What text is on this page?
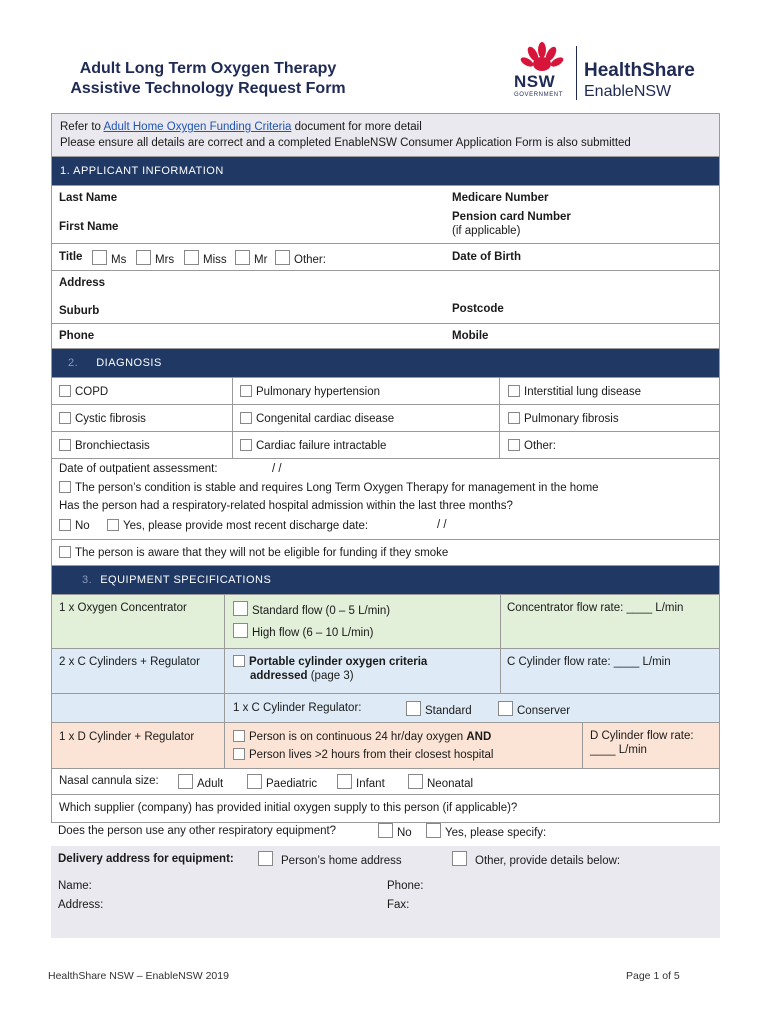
Adult Long Term Oxygen Therapy
Assistive Technology Request Form	NSW
GOVERNMENT
HealthShare
EnableNSW
Refer to Adult Home Oxygen Funding Criteria document for more detail
Please ensure all details are correct and a completed EnableNSW Consumer Application Form is also submitted
1. APPLICANT INFORMATION
Last Name	Medicare Number
First Name
Pension card Number
(if applicable)
Title	Ms	Mrs	Miss	Mr	Other:	Date of Birth
Address
Suburb	Postcode
Phone	Mobile
2. DIAGNOSIS
COPD	Pulmonary hypertension	Interstitial lung disease
Cystic fibrosis	Congenital cardiac disease	Pulmonary fibrosis
Bronchiectasis	Cardiac failure intractable	Other:
Date of outpatient assessment:	/ /
The person’s condition is stable and requires Long Term Oxygen Therapy for management in the home
Has the person had a respiratory-related hospital admission within the last three months?
No	Yes, please provide most recent discharge date:	/ /
The person is aware that they will not be eligible for funding if they smoke
3. EQUIPMENT SPECIFICATIONS
1 x Oxygen Concentrator	Standard flow (0 – 5 L/min)
High flow (6 – 10 L/min)
Concentrator flow rate: ____ L/min
2 x C Cylinders + Regulator	Portable cylinder oxygen criteria
addressed (page 3)
C Cylinder flow rate: ____ L/min
1 x C Cylinder Regulator:	Standard	Conserver
1 x D Cylinder + Regulator	Person is on continuous 24 hr/day oxygen AND
Person lives >2 hours from their closest hospital
D Cylinder flow rate:
____ L/min
Nasal cannula size:	Adult	Paediatric	Infant	Neonatal
Which supplier (company) has provided initial oxygen supply to this person (if applicable)?
Does the person use any other respiratory equipment?	No	Yes, please specify:
Delivery address for equipment:	Person’s home address	Other, provide details below:
Name:	Phone:
Address:	Fax:
HealthShare NSW – EnableNSW 2019	Page 1 of 5
